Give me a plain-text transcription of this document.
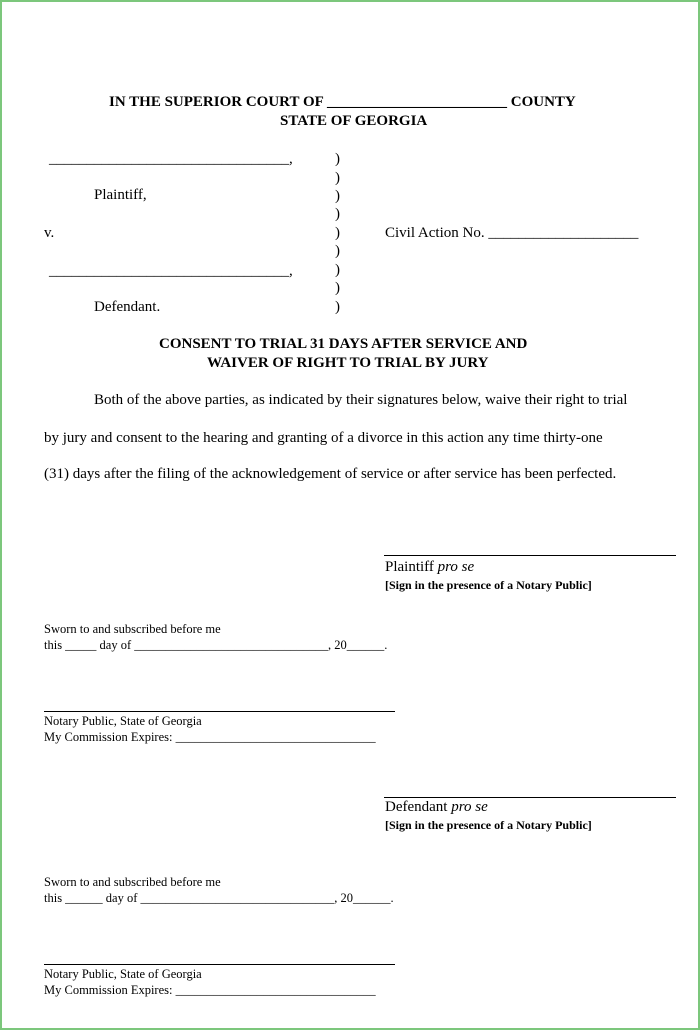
IN THE SUPERIOR COURT OF ________________________ COUNTY
STATE OF GEORGIA
________________________________,
Plaintiff,
v.
________________________________,
Defendant.
)
)
)
)
)
)
)
)
)
Civil Action No. ____________________
CONSENT TO TRIAL 31 DAYS AFTER SERVICE AND
WAIVER OF RIGHT TO TRIAL BY JURY
Both of the above parties, as indicated by their signatures below, waive their right to trial
by jury and consent to the hearing and granting of a divorce in this action any time thirty-one
(31) days after the filing of the acknowledgement of service or after service has been perfected.
Plaintiff pro se
[Sign in the presence of a Notary Public]
Sworn to and subscribed before me
this _____ day of _______________________________, 20______.
Notary Public, State of Georgia
My Commission Expires: ________________________________
Defendant pro se
[Sign in the presence of a Notary Public]
Sworn to and subscribed before me
this ______ day of _______________________________, 20______.
Notary Public, State of Georgia
My Commission Expires: ________________________________
